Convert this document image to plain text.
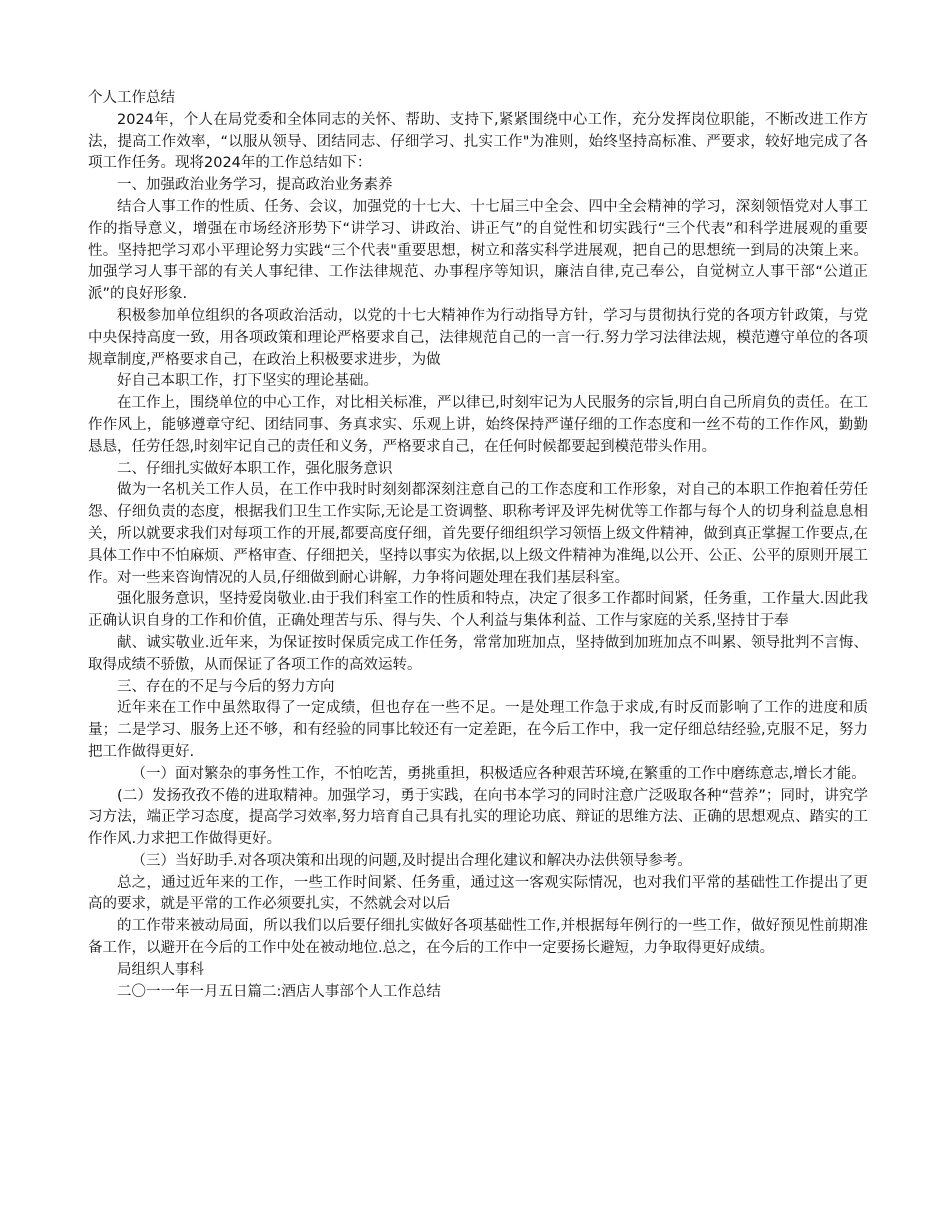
个人工作总结

2024年，个人在局党委和全体同志的关怀、帮助、支持下,紧紧围绕中心工作，充分发挥岗位职能，不断改进工作方法，提高工作效率，“以服从领导、团结同志、仔细学习、扎实工作"为准则，始终坚持高标准、严要求，较好地完成了各项工作任务。现将2024年的工作总结如下：

一、加强政治业务学习，提高政治业务素养

结合人事工作的性质、任务、会议，加强党的十七大、十七届三中全会、四中全会精神的学习，深刻领悟党对人事工作的指导意义，增强在市场经济形势下“讲学习、讲政治、讲正气”的自觉性和切实践行“三个代表”和科学进展观的重要性。坚持把学习邓小平理论努力实践“三个代表"重要思想，树立和落实科学进展观，把自己的思想统一到局的决策上来。加强学习人事干部的有关人事纪律、工作法律规范、办事程序等知识，廉洁自律,克己奉公，自觉树立人事干部“公道正派”的良好形象.

积极参加单位组织的各项政治活动，以党的十七大精神作为行动指导方针，学习与贯彻执行党的各项方针政策，与党中央保持高度一致，用各项政策和理论严格要求自己，法律规范自己的一言一行.努力学习法律法规，模范遵守单位的各项规章制度,严格要求自己，在政治上积极要求进步，为做

好自己本职工作，打下坚实的理论基础。

在工作上，围绕单位的中心工作，对比相关标准，严以律已,时刻牢记为人民服务的宗旨,明白自己所肩负的责任。在工作作风上，能够遵章守纪、团结同事、务真求实、乐观上讲，始终保持严谨仔细的工作态度和一丝不苟的工作作风，勤勤恳恳，任劳任怨,时刻牢记自己的责任和义务，严格要求自己，在任何时候都要起到模范带头作用。

二、仔细扎实做好本职工作，强化服务意识

做为一名机关工作人员，在工作中我时时刻刻都深刻注意自己的工作态度和工作形象，对自己的本职工作抱着任劳任怨、仔细负责的态度，根据我们卫生工作实际,无论是工资调整、职称考评及评先树优等工作都与每个人的切身利益息息相关，所以就要求我们对每项工作的开展,都要高度仔细，首先要仔细组织学习领悟上级文件精神，做到真正掌握工作要点,在具体工作中不怕麻烦、严格审查、仔细把关，坚持以事实为依据,以上级文件精神为准绳,以公开、公正、公平的原则开展工作。对一些来咨询情况的人员,仔细做到耐心讲解，力争将问题处理在我们基层科室。

强化服务意识，坚持爱岗敬业.由于我们科室工作的性质和特点，决定了很多工作都时间紧，任务重，工作量大.因此我正确认识自身的工作和价值，正确处理苦与乐、得与失、个人利益与集体利益、工作与家庭的关系,坚持甘于奉

献、诚实敬业.近年来，为保证按时保质完成工作任务，常常加班加点，坚持做到加班加点不叫累、领导批判不言悔、取得成绩不骄傲，从而保证了各项工作的高效运转。

三、存在的不足与今后的努力方向

近年来在工作中虽然取得了一定成绩，但也存在一些不足。一是处理工作急于求成,有时反而影响了工作的进度和质量；二是学习、服务上还不够，和有经验的同事比较还有一定差距，在今后工作中，我一定仔细总结经验,克服不足，努力把工作做得更好.

（一）面对繁杂的事务性工作，不怕吃苦，勇挑重担，积极适应各种艰苦环境,在繁重的工作中磨练意志,增长才能。

(二）发扬孜孜不倦的进取精神。加强学习，勇于实践，在向书本学习的同时注意广泛吸取各种“营养”；同时，讲究学习方法，端正学习态度，提高学习效率,努力培育自己具有扎实的理论功底、辩证的思维方法、正确的思想观点、踏实的工作作风.力求把工作做得更好。

（三）当好助手.对各项决策和出现的问题,及时提出合理化建议和解决办法供领导参考。

总之，通过近年来的工作，一些工作时间紧、任务重，通过这一客观实际情况，也对我们平常的基础性工作提出了更高的要求，就是平常的工作必须要扎实，不然就会对以后

的工作带来被动局面，所以我们以后要仔细扎实做好各项基础性工作,并根据每年例行的一些工作，做好预见性前期准备工作，以避开在今后的工作中处在被动地位.总之，在今后的工作中一定要扬长避短，力争取得更好成绩。

局组织人事科

二〇一一年一月五日篇二:酒店人事部个人工作总结
